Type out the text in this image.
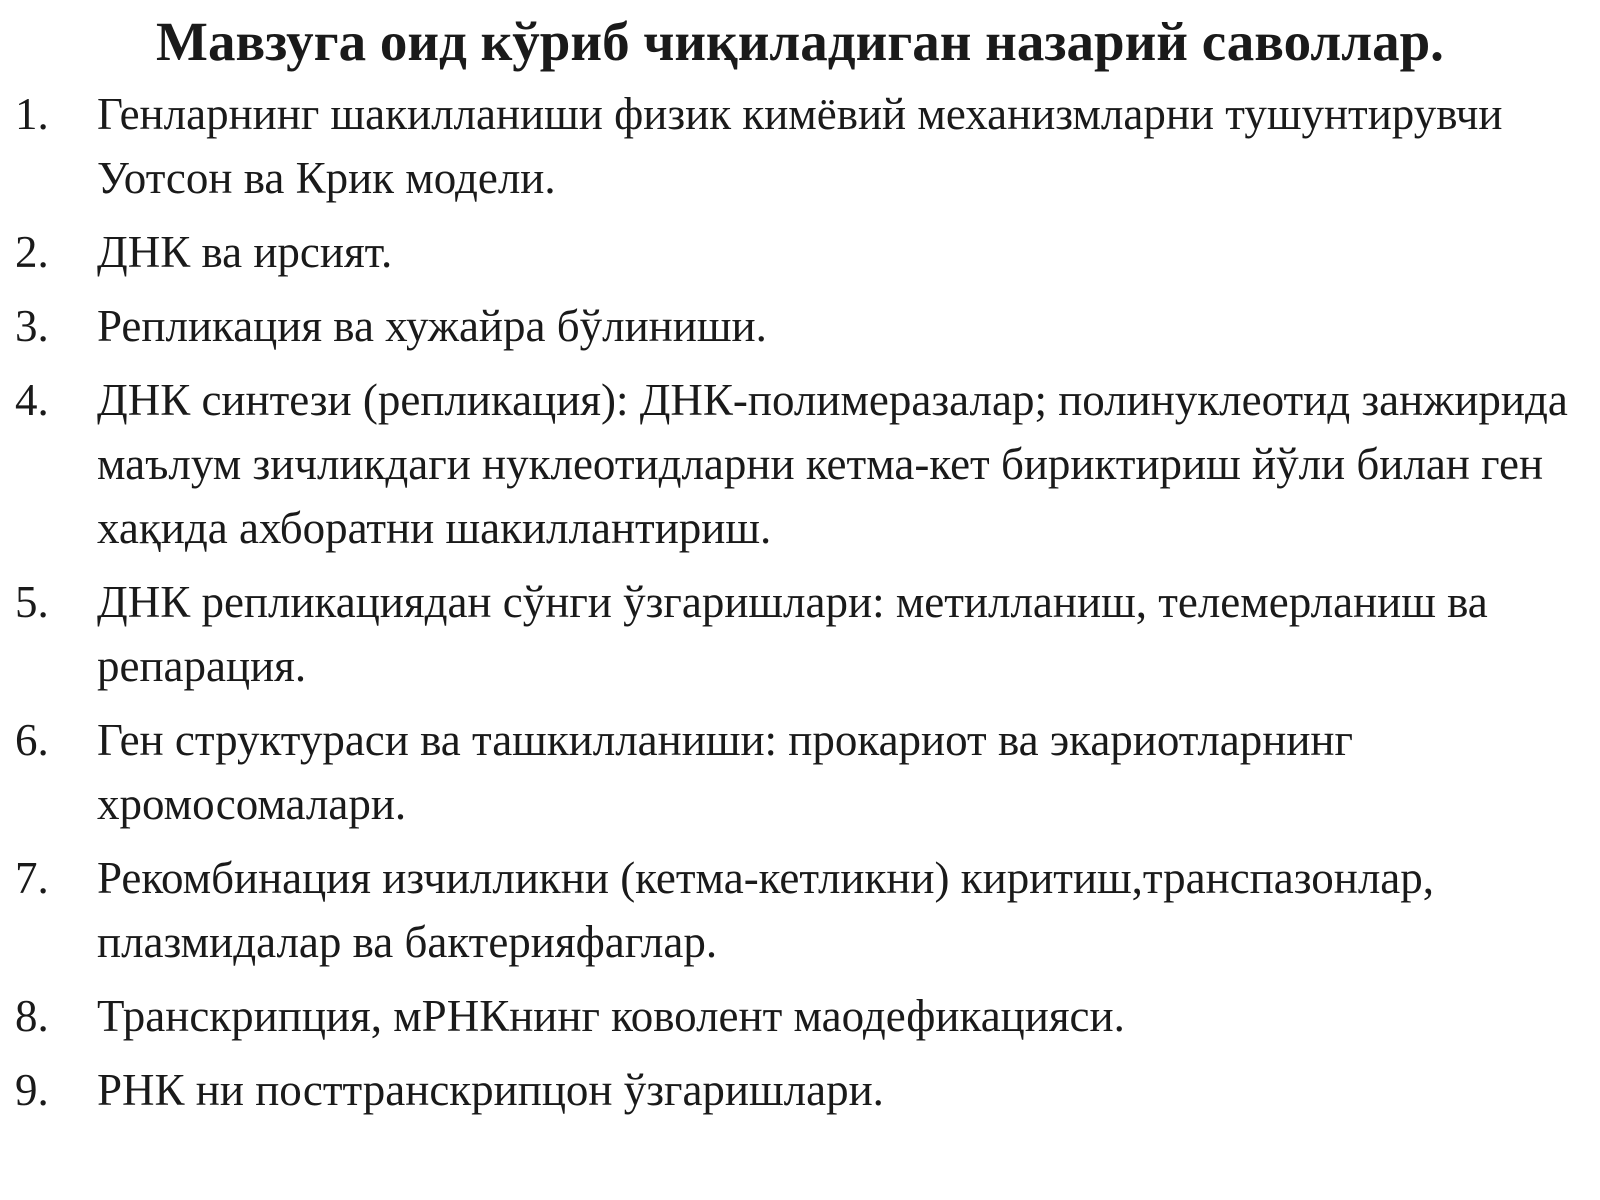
Мавзуга оид кўриб чиқиладиган назарий саволлар.
1.	Генларнинг шакилланиши физик кимёвий механизмларни тушунтирувчи Уотсон ва Крик модели.
2.	ДНК ва ирсият.
3.	Репликация ва хужайра бўлиниши.
4.	ДНК синтези (репликация): ДНК-полимеразалар; полинуклеотид занжирида маълум зичликдаги нуклеотидларни кетма-кет бириктириш йўли билан ген хақида ахборатни шакиллантириш.
5.	ДНК репликациядан сўнги ўзгаришлари: метилланиш, телемерланиш ва репарация.
6.	Ген структураси ва ташкилланиши: прокариот ва экариотларнинг хромосомалари.
7.	Рекомбинация изчилликни (кетма-кетликни) киритиш,транспазонлар, плазмидалар ва бактерияфаглар.
8.	Транскрипция, мРНКнинг коволент маодефикацияси.
9.	РНК ни посттранскрипцон ўзгаришлари.
